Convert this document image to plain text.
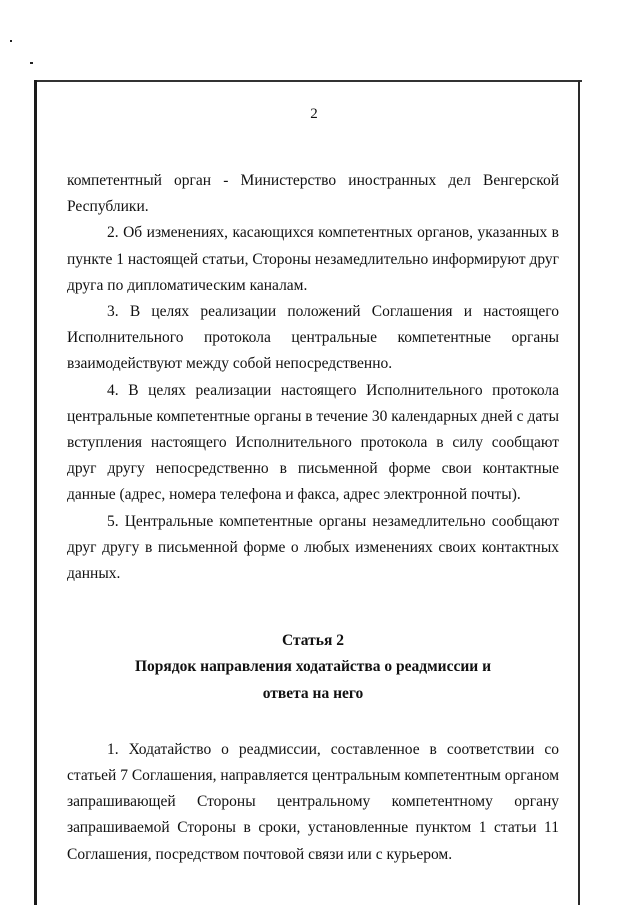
2

компетентный орган - Министерство иностранных дел Венгерской Республики.

2. Об изменениях, касающихся компетентных органов, указанных в пункте 1 настоящей статьи, Стороны незамедлительно информируют друг друга по дипломатическим каналам.

3. В целях реализации положений Соглашения и настоящего Исполнительного протокола центральные компетентные органы взаимодействуют между собой непосредственно.

4. В целях реализации настоящего Исполнительного протокола центральные компетентные органы в течение 30 календарных дней с даты вступления настоящего Исполнительного протокола в силу сообщают друг другу непосредственно в письменной форме свои контактные данные (адрес, номера телефона и факса, адрес электронной почты).

5. Центральные компетентные органы незамедлительно сообщают друг другу в письменной форме о любых изменениях своих контактных данных.

Статья 2
Порядок направления ходатайства о реадмиссии и
ответа на него

1. Ходатайство о реадмиссии, составленное в соответствии со статьей 7 Соглашения, направляется центральным компетентным органом запрашивающей Стороны центральному компетентному органу запрашиваемой Стороны в сроки, установленные пунктом 1 статьи 11 Соглашения, посредством почтовой связи или с курьером.
